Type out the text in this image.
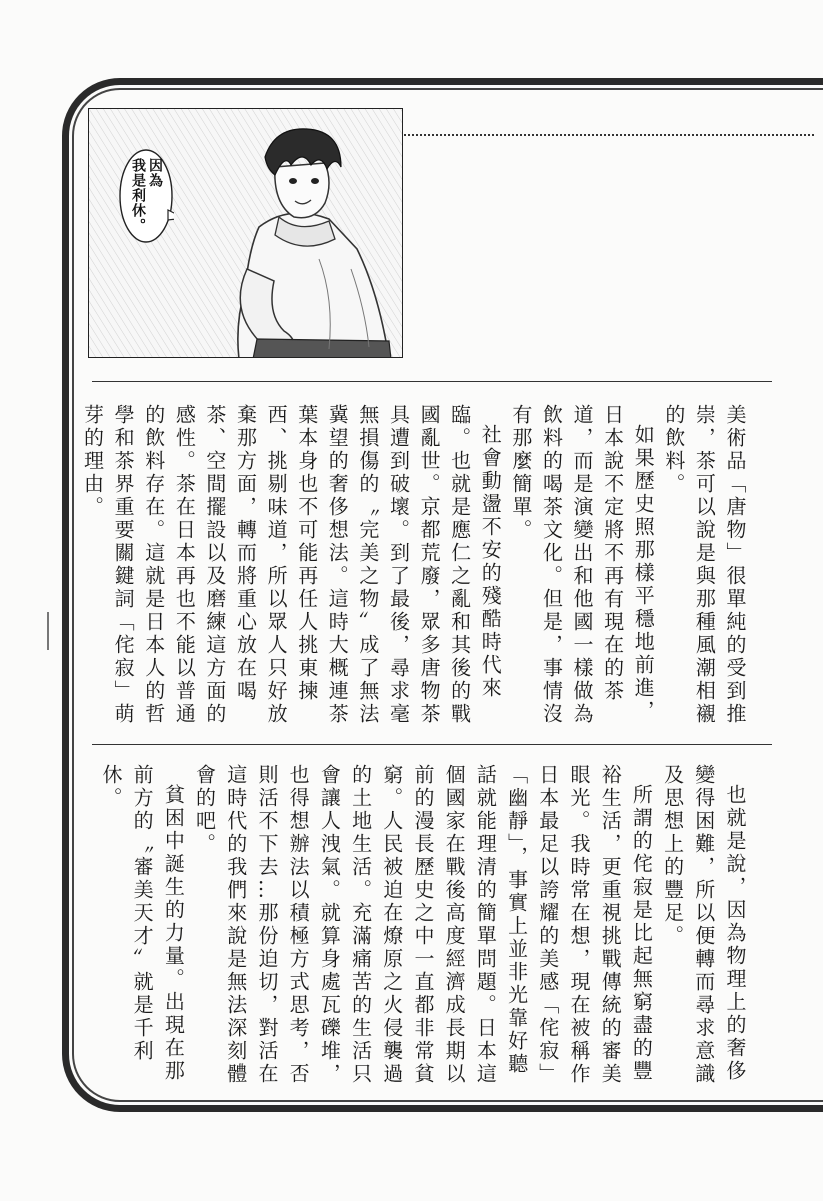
因為
我是利休。

美術品「唐物」很單純的受到推崇，茶可以說是與那種風潮相襯的飲料。

如果歷史照那樣平穩地前進，日本說不定將不再有現在的茶道，而是演變出和他國一樣做為飲料的喝茶文化。但是，事情沒有那麼簡單。

社會動盪不安的殘酷時代來臨。也就是應仁之亂和其後的戰國亂世。京都荒廢，眾多唐物茶具遭到破壞。到了最後，尋求毫無損傷的〝完美之物〟成了無法冀望的奢侈想法。這時大概連茶葉本身也不可能再任人挑東揀西、挑剔味道，所以眾人只好放棄那方面，轉而將重心放在喝茶、空間擺設以及磨練這方面的感性。茶在日本再也不能以普通的飲料存在。這就是日本人的哲學和茶界重要關鍵詞「侘寂」萌芽的理由。

也就是說，因為物理上的奢侈變得困難，所以便轉而尋求意識及思想上的豐足。

所謂的侘寂是比起無窮盡的豐裕生活，更重視挑戰傳統的審美眼光。我時常在想，現在被稱作日本最足以誇耀的美感「侘寂」「幽靜」，事實上並非光靠好聽話就能理清的簡單問題。日本這個國家在戰後高度經濟成長期以前的漫長歷史之中一直都非常貧窮。人民被迫在燎原之火侵襲過的土地生活。充滿痛苦的生活只會讓人洩氣。就算身處瓦礫堆，也得想辦法以積極方式思考，否則活不下去…那份迫切，對活在這時代的我們來說是無法深刻體會的吧。

貧困中誕生的力量。出現在那前方的〝審美天才〟就是千利休。
